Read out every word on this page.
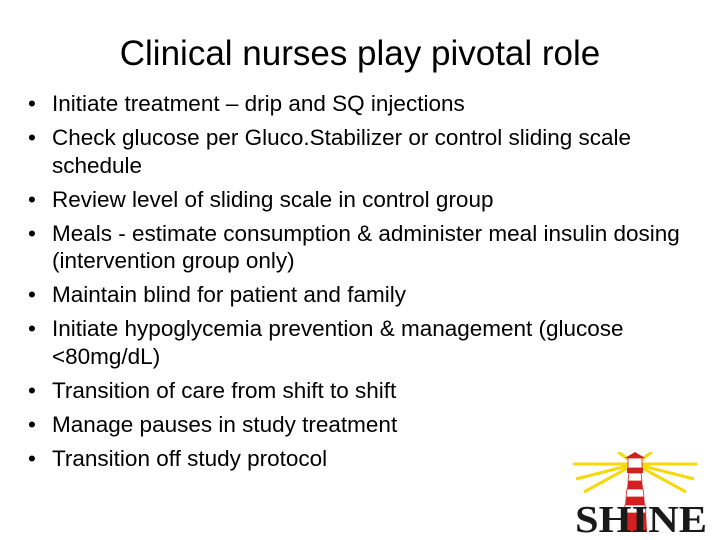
Clinical nurses play pivotal role
• Initiate treatment – drip and SQ injections
• Check glucose per Gluco.Stabilizer or control sliding scale schedule
• Review level of sliding scale in control group
• Meals - estimate consumption & administer meal insulin dosing (intervention group only)
• Maintain blind for patient and family
• Initiate hypoglycemia prevention & management (glucose <80mg/dL)
• Transition of care from shift to shift
• Manage pauses in study treatment
• Transition off study protocol
SHINE
